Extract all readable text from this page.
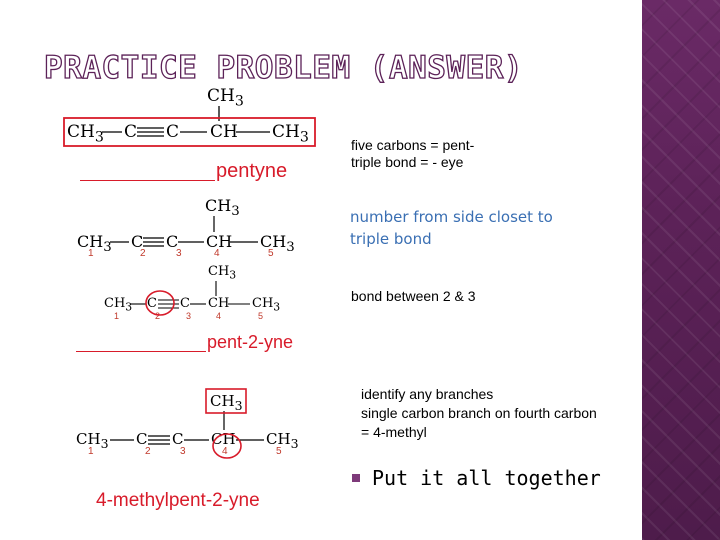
PRACTICE PROBLEM (ANSWER)
$CH_3$
$CH_3$ C C CH $CH_3$
pentyne
$CH_3$
$CH_3$ C C CH $CH_3$
1	2	3	4	5
$CH_3$
$CH_3$ C C CH $CH_3$
1	2	3	4	5
pent-2-yne
$CH_3$
$CH_3$ C C CH $CH_3$
1	2	3	4	5
4-methylpent-2-yne
five carbons = pent-
triple bond = - eye
number from side closet to
triple bond
bond between 2 & 3
identify any branches
single carbon branch on fourth carbon
= 4-methyl
Put it all together
